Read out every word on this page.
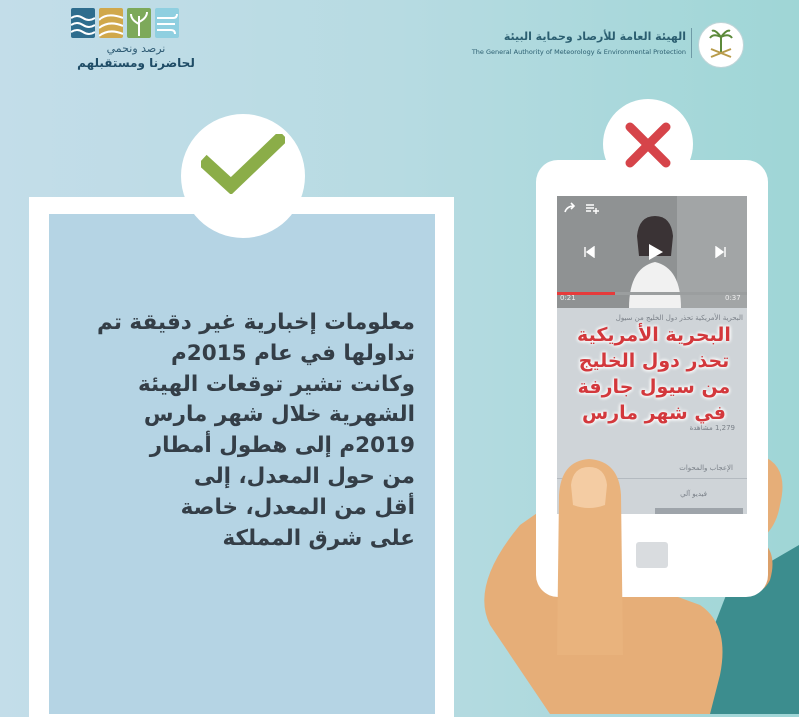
نرصد ونحمي
لحاضرنا ومستقبلهم
الهيئة العامة للأرصاد وحماية البيئة
The General Authority of Meteorology & Environmental Protection
معلومات إخبارية غير دقيقة تم
تداولها في عام 2015م
وكانت تشير توقعات الهيئة
الشهرية خلال شهر مارس
2019م إلى هطول أمطار
من حول المعدل، إلى
أقل من المعدل، خاصة
على شرق المملكة
0:21	0:37
البحرية الأمريكية تحذر دول الخليج من سيول
1,279 مشاهدة
الإعجاب والمحوات
فيديو آلي
البحرية الأمريكية
تحذر دول الخليج
من سيول جارفة
في شهر مارس
